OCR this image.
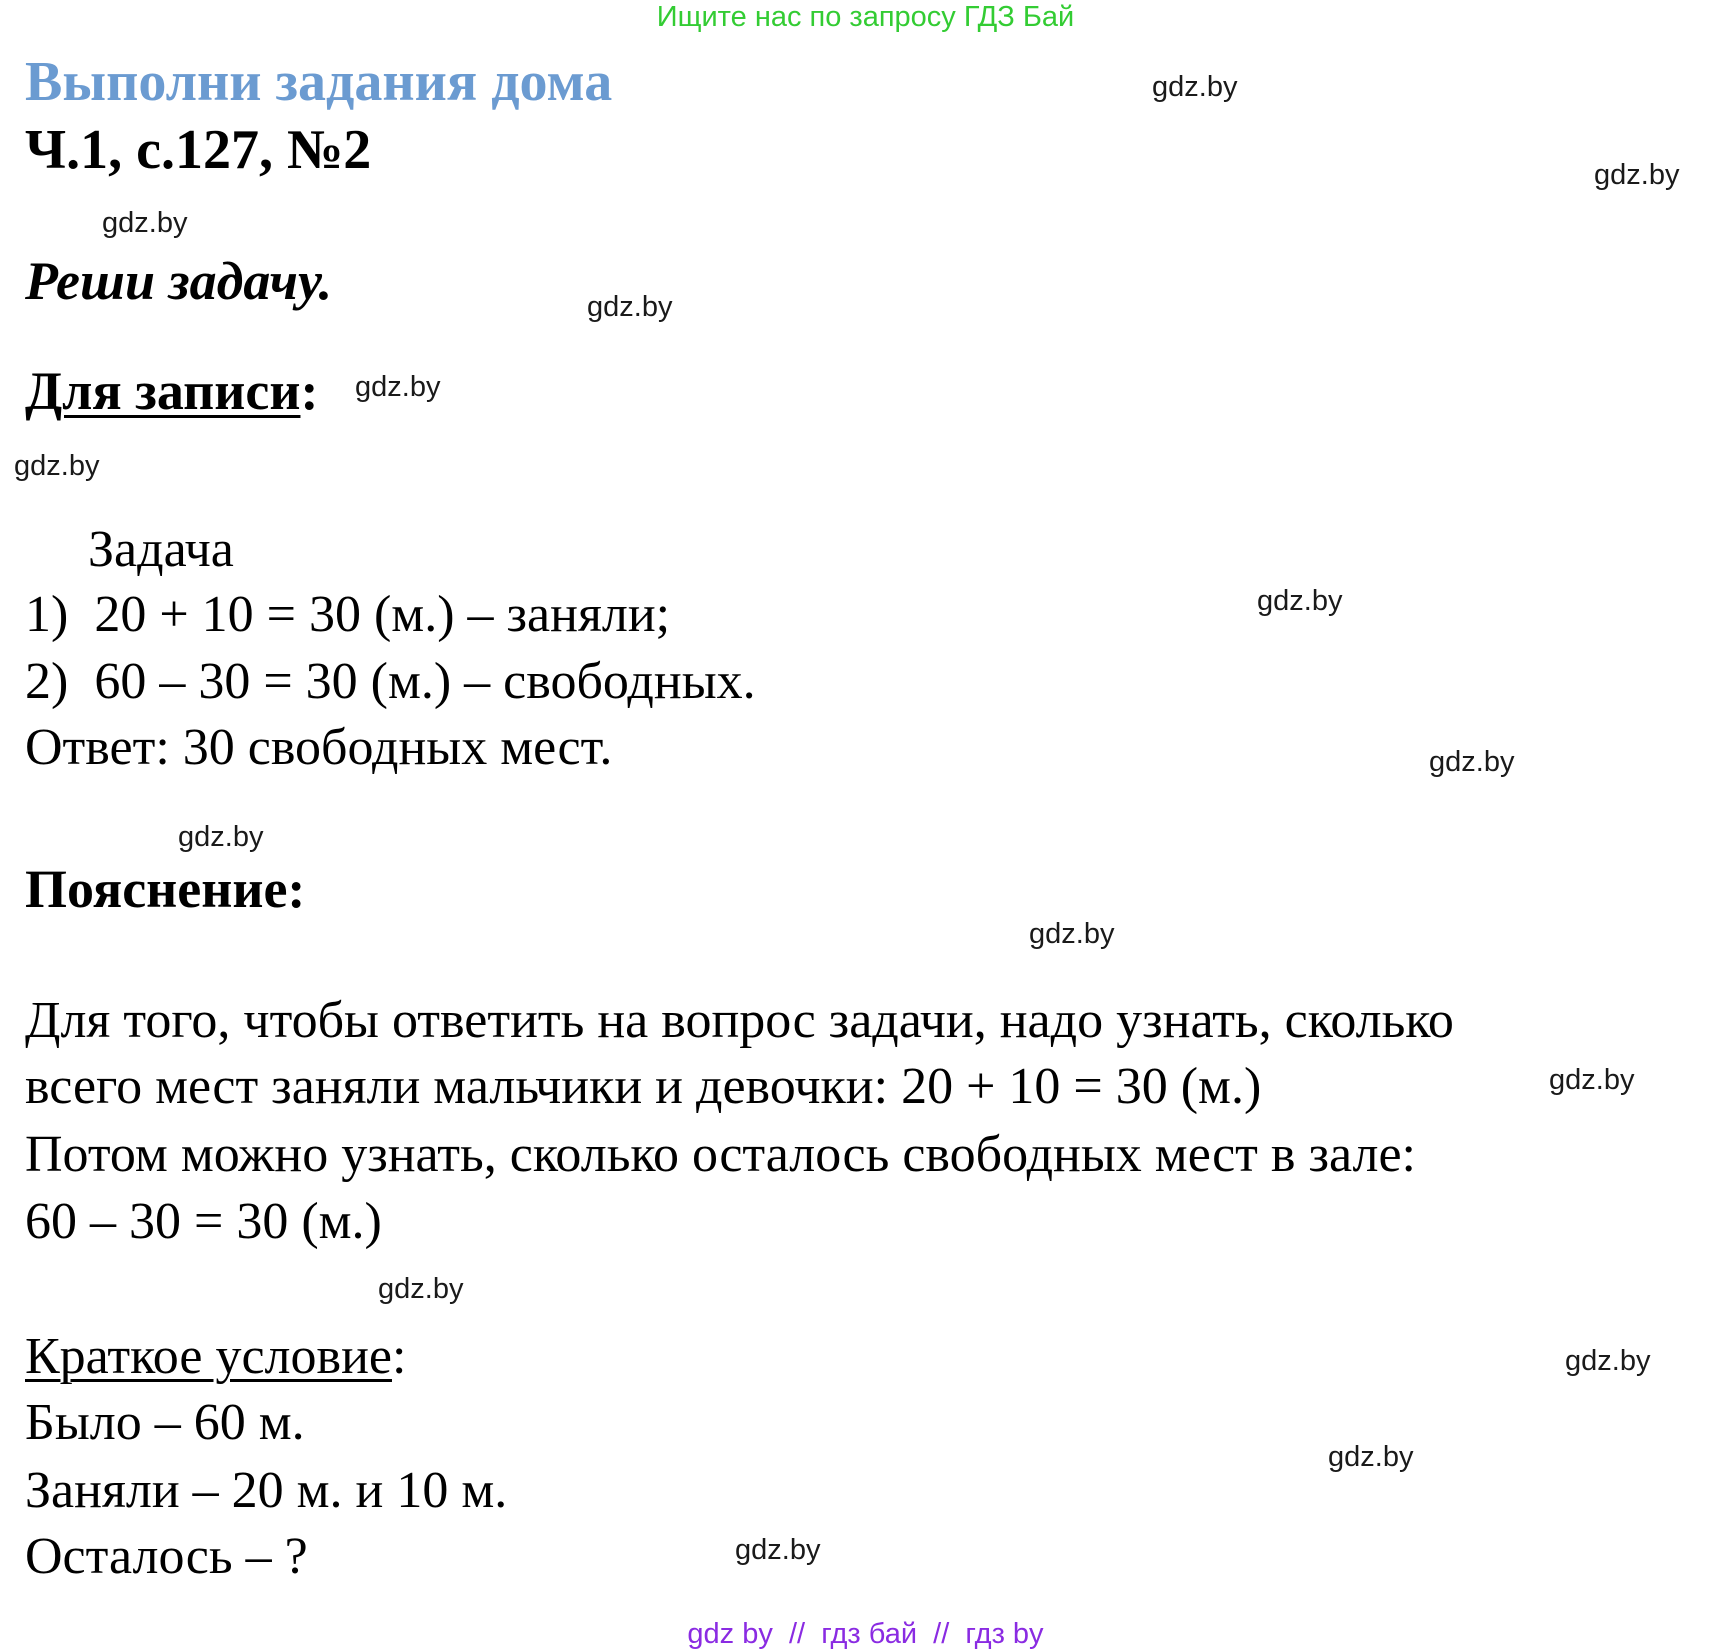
Ищите нас по запросу ГДЗ Бай
Выполни задания дома
Ч.1, с.127, №2
Реши задачу.
Для записи:
Задача
1)  20 + 10 = 30 (м.) – заняли;
2)  60 – 30 = 30 (м.) – свободных.
Ответ: 30 свободных мест.
Пояснение:
Для того, чтобы ответить на вопрос задачи, надо узнать, сколько
всего мест заняли мальчики и девочки: 20 + 10 = 30 (м.)
Потом можно узнать, сколько осталось свободных мест в зале:
60 – 30 = 30 (м.)
Краткое условие:
Было – 60 м.
Заняли – 20 м. и 10 м.
Осталось – ?
gdz.by
gdz.by
gdz.by
gdz.by
gdz.by
gdz.by
gdz.by
gdz.by
gdz.by
gdz.by
gdz.by
gdz.by
gdz.by
gdz.by
gdz.by
gdz by  //  гдз бай  //  гдз by
